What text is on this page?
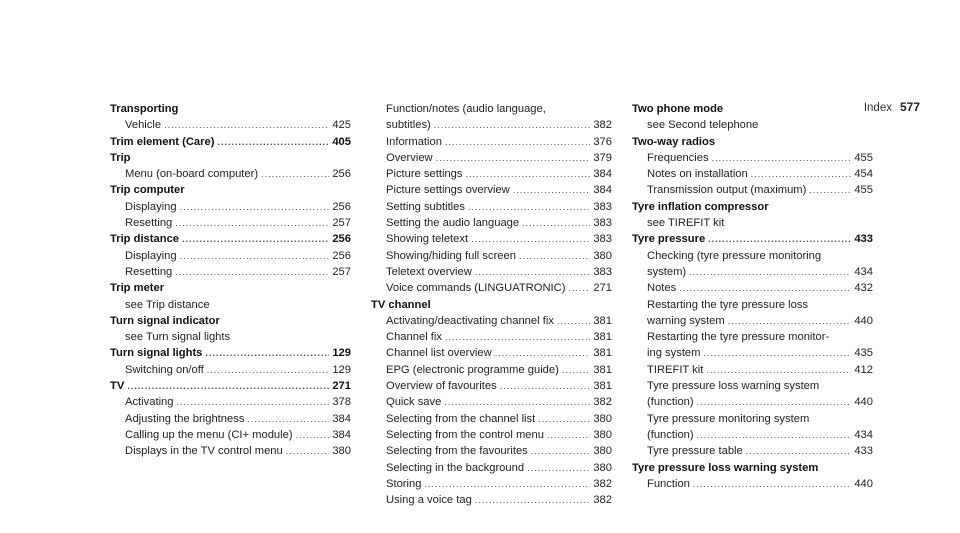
Index 577
Transporting
Vehicle .....	425
Trim element (Care) .....	405
Trip
Menu (on-board computer) .....	256
Trip computer
Displaying .....	256
Resetting .....	257
Trip distance .....	256
Displaying .....	256
Resetting .....	257
Trip meter
see Trip distance
Turn signal indicator
see Turn signal lights
Turn signal lights .....	129
Switching on/off .....	129
TV .....	271
Activating .....	378
Adjusting the brightness .....	384
Calling up the menu (CI+ module) .....	384
Displays in the TV control menu .....	380
Function/notes (audio language,
subtitles) .....	382
Information .....	376
Overview .....	379
Picture settings .....	384
Picture settings overview .....	384
Setting subtitles .....	383
Setting the audio language .....	383
Showing teletext .....	383
Showing/hiding full screen .....	380
Teletext overview .....	383
Voice commands (LINGUATRONIC) ..... 271
TV channel
Activating/deactivating channel fix .....	381
Channel fix .....	381
Channel list overview .....	381
EPG (electronic programme guide) .....	381
Overview of favourites .....	381
Quick save .....	382
Selecting from the channel list .....	380
Selecting from the control menu .....	380
Selecting from the favourites .....	380
Selecting in the background .....	380
Storing .....	382
Using a voice tag .....	382
Two phone mode
see Second telephone
Two-way radios
Frequencies .....	455
Notes on installation .....	454
Transmission output (maximum) .....	455
Tyre inflation compressor
see TIREFIT kit
Tyre pressure .....	433
Checking (tyre pressure monitoring
system) .....	434
Notes .....	432
Restarting the tyre pressure loss
warning system .....	440
Restarting the tyre pressure monitor-
ing system .....	435
TIREFIT kit .....	412
Tyre pressure loss warning system
(function) .....	440
Tyre pressure monitoring system
(function) .....	434
Tyre pressure table .....	433
Tyre pressure loss warning system
Function .....	440
